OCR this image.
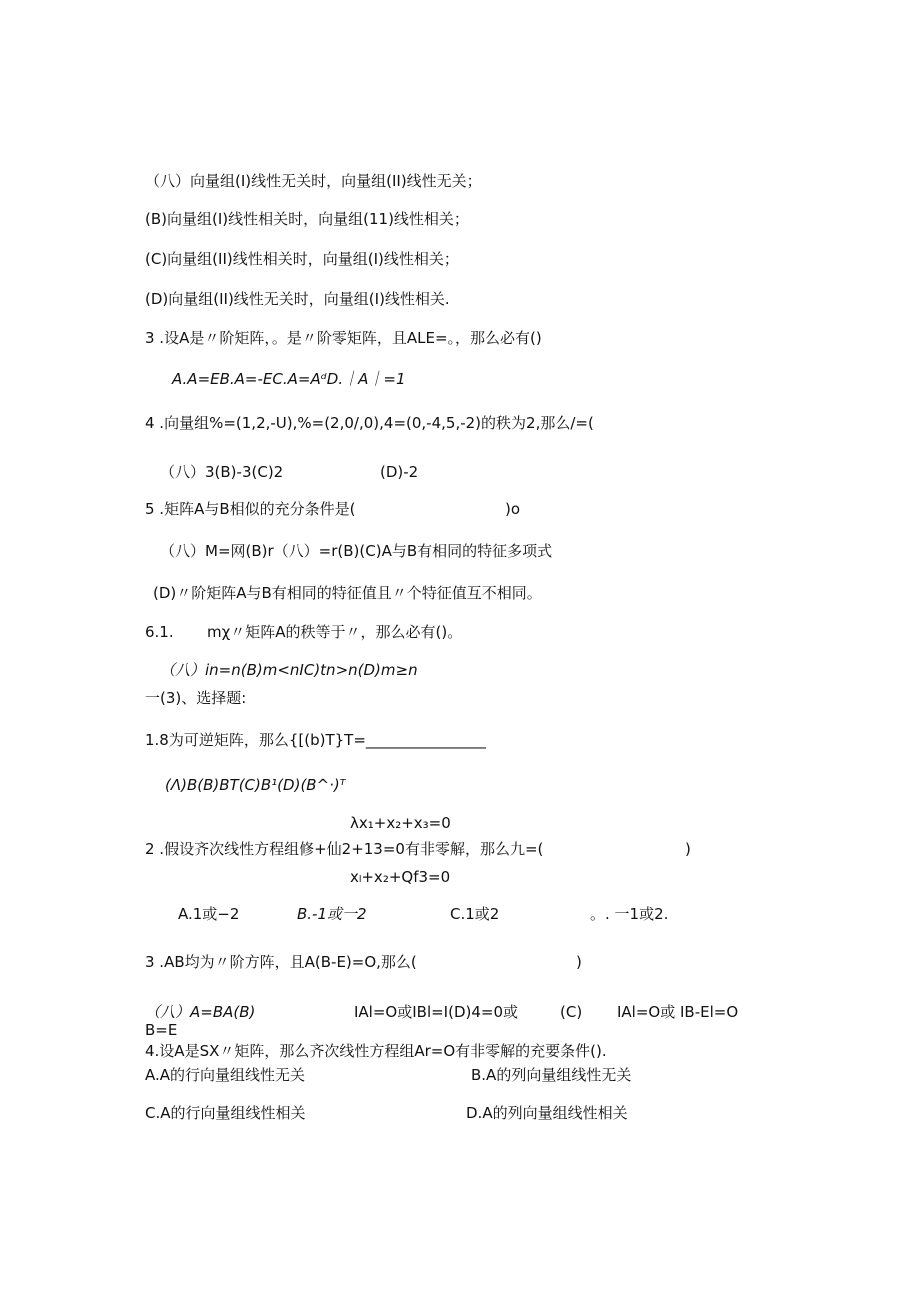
（八）向量组(I)线性无关时，向量组(II)线性无关；
(B)向量组(I)线性相关时，向量组(11)线性相关；
(C)向量组(II)线性相关时，向量组(I)线性相关；
(D)向量组(II)线性无关时，向量组(I)线性相关.
3 .设A是〃阶矩阵，。是〃阶零矩阵，且ALE=。，那么必有()
A.A=EB.A=-EC.A=AᵈD.｜A｜=1
4 .向量组%=(1,2,-U),%=(2,0/,0),4=(0,-4,5,-2)的秩为2,那么/=(
（八）3(B)-3(C)2	(D)-2
5 .矩阵A与B相似的充分条件是(	)o
（八）M=网(B)r（八）=r(B)(C)A与B有相同的特征多项式
(D)〃阶矩阵A与B有相同的特征值且〃个特征值互不相同。
6.1. mχ〃矩阵A的秩等于〃，那么必有()。
（八）in=n(B)m<nIC)tn>n(D)m≥n
一(3)、选择题:
1.8为可逆矩阵，那么{[(b)T}T=________________
(Λ)B(B)BT(C)B¹(D)(B^·)ᵀ
λx₁+x₂+x₃=0
2 .假设齐次线性方程组修+仙2+13=0有非零解，那么九=(	)
xₗ+x₂+Qf3=0
A.1或−2	B.-1或一2	C.1或2	。. 一1或2.
3 .AB均为〃阶方阵，且A(B-E)=O,那么(	)
（八）A=BA(B)	IAl=O或IBl=I(D)4=0或	(C) IAl=O或 IB-El=O
B=E
4.设A是SX〃矩阵，那么齐次线性方程组Ar=O有非零解的充要条件().
A.A的行向量组线性无关	B.A的列向量组线性无关
C.A的行向量组线性相关	D.A的列向量组线性相关
